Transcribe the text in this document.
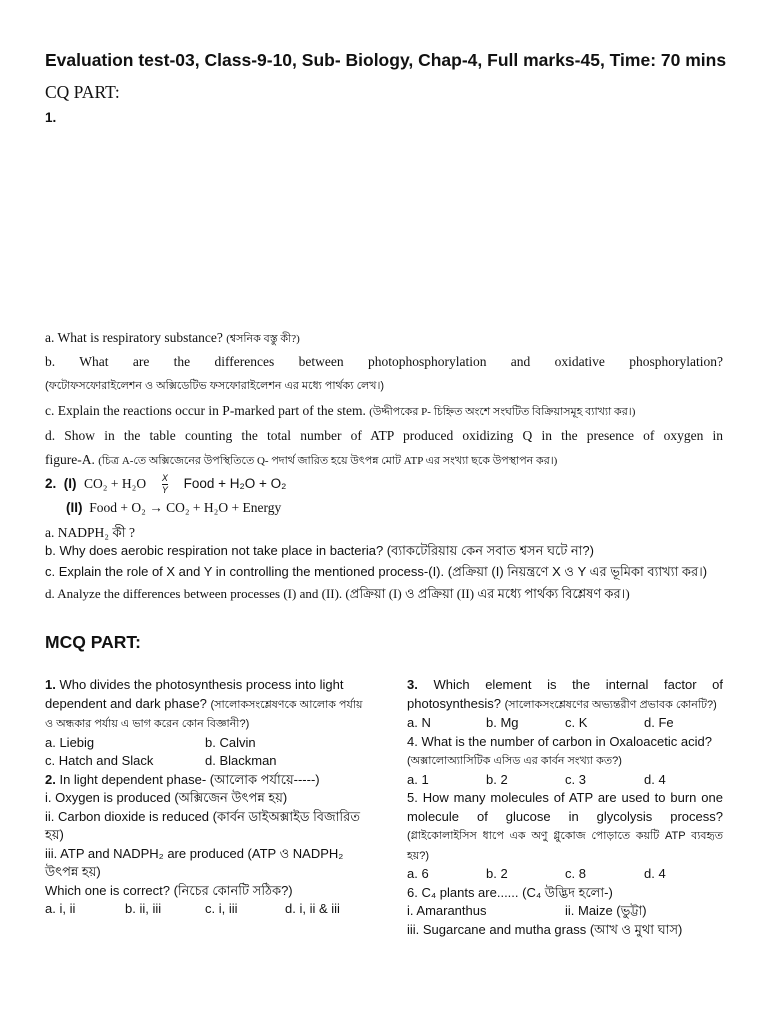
Evaluation test-03, Class-9-10, Sub- Biology, Chap-4, Full marks-45, Time: 70 mins
CQ PART:
1.
a. What is respiratory substance? (শ্বসনিক বস্তু কী?)
b. What are the differences between photophosphorylation and oxidative phosphorylation?
(ফটোফসফোরাইলেশন ও অক্সিডেটিভ ফসফোরাইলেশন এর মধ্যে পার্থক্য লেখ।)
c. Explain the reactions occur in P-marked part of the stem. (উদ্দীপকের P- চিহ্নিত অংশে সংঘটিত বিক্রিয়াসমূহ ব্যাখ্যা কর।)
d. Show in the table counting the total number of ATP produced oxidizing Q in the presence of oxygen in
figure-A. (চিত্র A-তে অক্সিজেনের উপস্থিতিতে Q- পদার্থ জারিত হয়ে উৎপন্ন মোট ATP এর সংখ্যা ছকে উপস্থাপন কর।)
2. (I) $CO_2 + H_2O \frac{X}{Y}$ Food + H₂O + O₂
(II) Food + O₂ → CO₂ + H₂O + Energy
a. NADPH₂ কী ?
b. Why does aerobic respiration not take place in bacteria? (ব্যাকটেরিয়ায় কেন সবাত শ্বসন ঘটে না?)
c. Explain the role of X and Y in controlling the mentioned process-(I). (প্রক্রিয়া (I) নিয়ন্ত্রণে X ও Y এর ভূমিকা ব্যাখ্যা কর।)
d. Analyze the differences between processes (I) and (II). (প্রক্রিয়া (I) ও প্রক্রিয়া (II) এর মধ্যে পার্থক্য বিশ্লেষণ কর।)
MCQ PART:
1. Who divides the photosynthesis process into light dependent and dark phase? (সালোকসংশ্লেষণকে আলোক পর্যায় ও অন্ধকার পর্যায় এ ভাগ করেন কোন বিজ্ঞানী?)
a. Liebig	b. Calvin
c. Hatch and Slack	d. Blackman
2. In light dependent phase- (আলোক পর্যায়ে-----)
i. Oxygen is produced (অক্সিজেন উৎপন্ন হয়)
ii. Carbon dioxide is reduced (কার্বন ডাইঅক্সাইড বিজারিত হয়)
iii. ATP and NADPH₂ are produced (ATP ও NADPH₂ উৎপন্ন হয়)
Which one is correct? (নিচের কোনটি সঠিক?)
a. i, ii	b. ii, iii	c. i, iii	d. i, ii & iii
3. Which element is the internal factor of photosynthesis? (সালোকসংশ্লেষণের অভ্যন্তরীণ প্রভাবক কোনটি?)
a. N	b. Mg	c. K	d. Fe
4. What is the number of carbon in Oxaloacetic acid? (অক্সালোঅ্যাসিটিক এসিড এর কার্বন সংখ্যা কত?)
a. 1	b. 2	c. 3	d. 4
5. How many molecules of ATP are used to burn one molecule of glucose in glycolysis process? (গ্লাইকোলাইসিস ধাপে এক অণু গ্লুকোজ পোড়াতে কয়টি ATP ব্যবহৃত হয়?)
a. 6	b. 2	c. 8	d. 4
6. C₄ plants are...... (C₄ উদ্ভিদ হলো-)
i. Amaranthus	ii. Maize (ভুট্টা)
iii. Sugarcane and mutha grass (আখ ও মুথা ঘাস)
